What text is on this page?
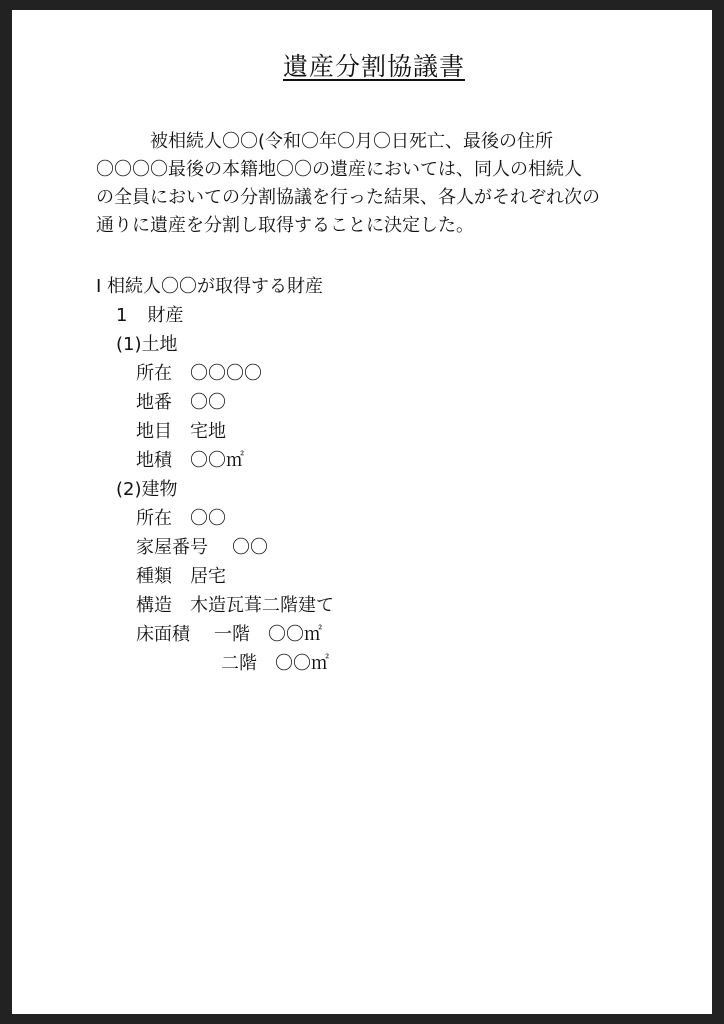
遺産分割協議書
　　　被相続人〇〇(令和〇年〇月〇日死亡、最後の住所
〇〇〇〇最後の本籍地〇〇の遺産においては、同人の相続人
の全員においての分割協議を行った結果、各人がそれぞれ次の
通りに遺産を分割し取得することに決定した。
I 相続人〇〇が取得する財産
1 財産
(1)土地
所在 〇〇〇〇
地番 〇〇
地目 宅地
地積 〇〇㎡
(2)建物
所在 〇〇
家屋番号 〇〇
種類 居宅
構造 木造瓦葺二階建て
床面積 一階 〇〇㎡
二階 〇〇㎡
